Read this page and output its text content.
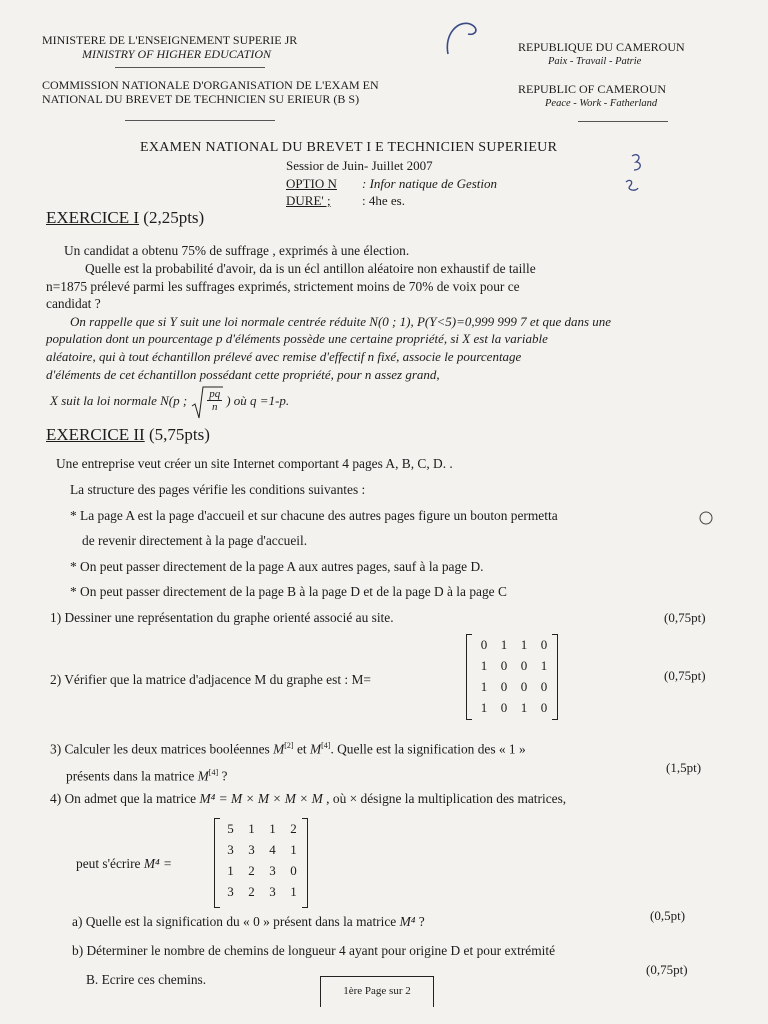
MINISTERE DE L'ENSEIGNEMENT SUPERIE JR
MINISTRY OF HIGHER EDUCATION
COMMISSION NATIONALE D'ORGANISATION DE L'EXAM EN
NATIONAL DU BREVET DE TECHNICIEN SU ERIEUR (B S)
REPUBLIQUE DU CAMEROUN
Paix - Travail - Patrie
REPUBLIC OF CAMEROUN
Peace - Work - Fatherland
EXAMEN NATIONAL DU BREVET I E TECHNICIEN SUPERIEUR
Sessior de Juin- Juillet 2007
OPTIO N : Infor natique de Gestion
DURE' ; : 4he es.
EXERCICE I (2,25pts)
Un candidat a obtenu 75% de suffrage , exprimés à une élection.
Quelle est la probabilité d'avoir, da is un écl antillon aléatoire non exhaustif de taille
n=1875 prélevé parmi les suffrages exprimés, strictement moins de 70% de voix pour ce
candidat ?
On rappelle que si Y suit une loi normale centrée réduite N(0 ; 1), P(Y<5)=0,999 999 7 et que dans une
population dont un pourcentage p d'éléments possède une certaine propriété, si X est la variable
aléatoire, qui à tout échantillon prélevé avec remise d'effectif n fixé, associe le pourcentage
d'éléments de cet échantillon possédant cette propriété, pour n assez grand,
X suit la loi normale N(p ; $\frac{pq}{n}$ ) où q =1-p.
EXERCICE II (5,75pts)
Une entreprise veut créer un site Internet comportant 4 pages A, B, C, D. .
La structure des pages vérifie les conditions suivantes :
* La page A est la page d'accueil et sur chacune des autres pages figure un bouton permetta
de revenir directement à la page d'accueil.
* On peut passer directement de la page A aux autres pages, sauf à la page D.
* On peut passer directement de la page B à la page D et de la page D à la page C
1) Dessiner une représentation du graphe orienté associé au site.	(0,75pt)
2) Vérifier que la matrice d'adjacence M du graphe est : M=	(0,75pt)
0	1	1	0
1	0	0	1
1	0	0	0
1	0	1	0
3) Calculer les deux matrices booléennes M[2] et M[4]. Quelle est la signification des « 1 »
présents dans la matrice M[4] ?
(1,5pt)
4) On admet que la matrice M⁴ = M × M × M × M , où × désigne la multiplication des matrices,
peut s'écrire M⁴ =
5	1	1	2
3	3	4	1
1	2	3	0
3	2	3	1
a) Quelle est la signification du « 0 » présent dans la matrice M⁴ ?	(0,5pt)
b) Déterminer le nombre de chemins de longueur 4 ayant pour origine D et pour extrémité
B. Ecrire ces chemins.
(0,75pt)
1ère Page sur 2
